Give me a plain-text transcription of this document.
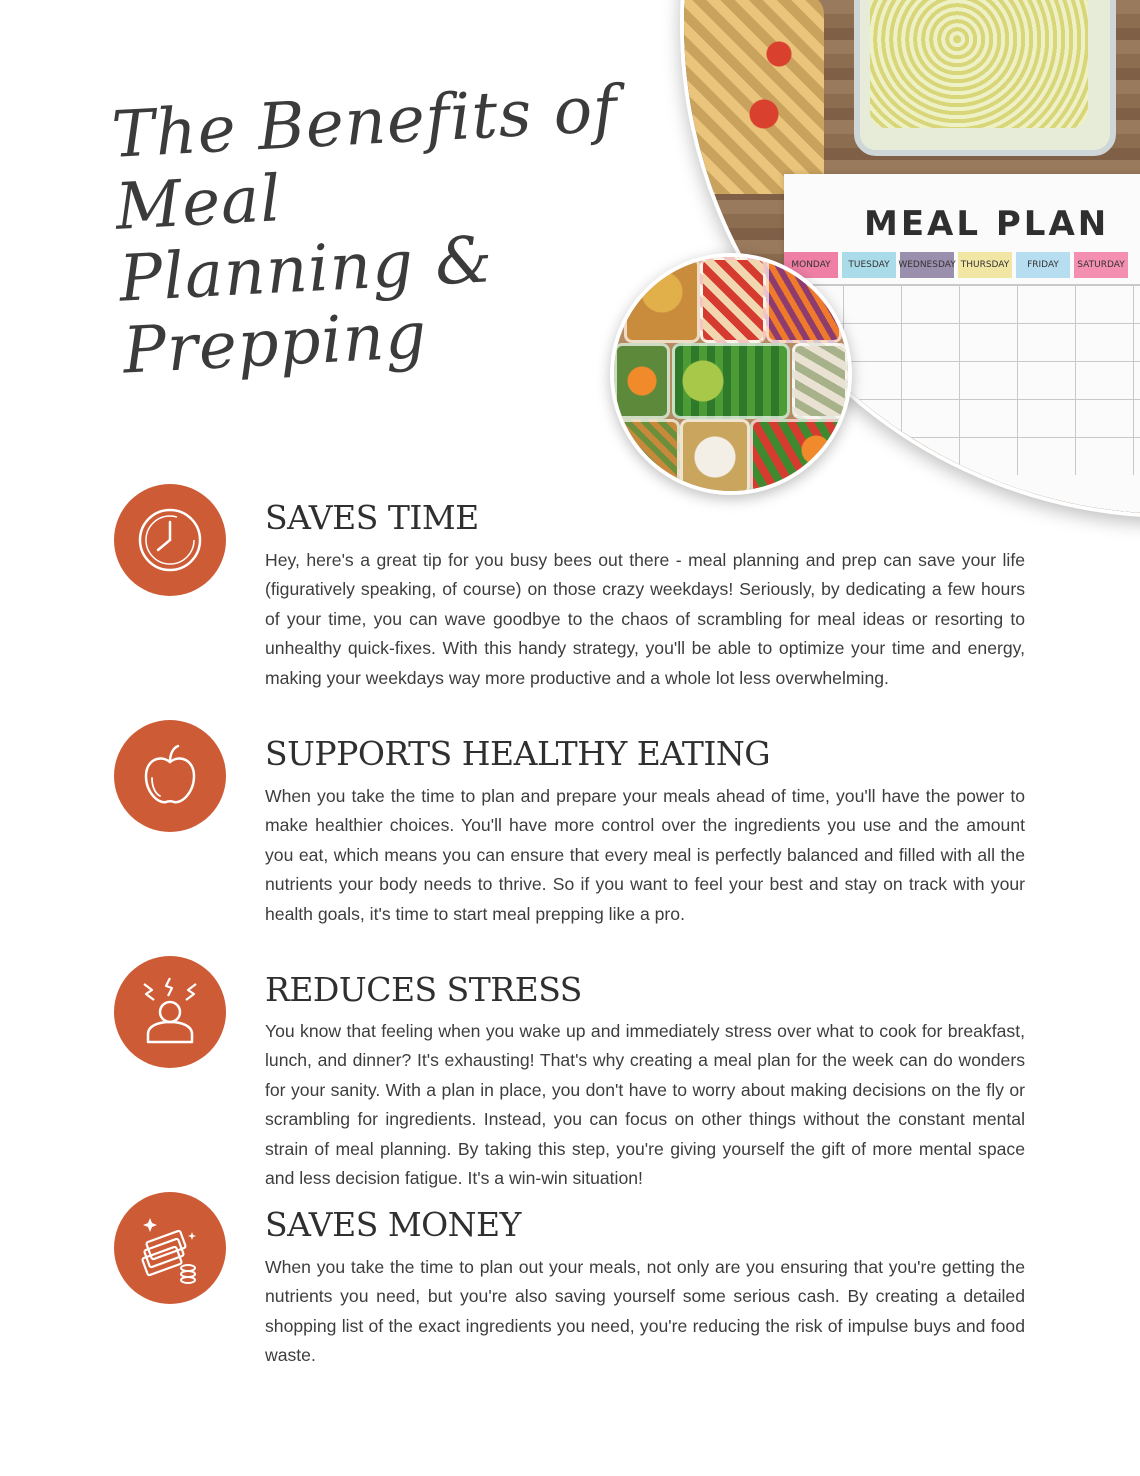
The Benefits of Meal
Planning & Prepping
MEAL PLAN
TUESDAY WEDNESDAY THURSDAY	FRIDAY	SATURDAY
SAVES TIME
Hey, here's a great tip for you busy bees out there - meal planning and prep can save your life (figuratively speaking, of course) on those crazy weekdays! Seriously, by dedicating a few hours of your time, you can wave goodbye to the chaos of scrambling for meal ideas or resorting to unhealthy quick-fixes. With this handy strategy, you'll be able to optimize your time and energy, making your weekdays way more productive and a whole lot less overwhelming.
SUPPORTS HEALTHY EATING
When you take the time to plan and prepare your meals ahead of time, you'll have the power to make healthier choices. You'll have more control over the ingredients you use and the amount you eat, which means you can ensure that every meal is perfectly balanced and filled with all the nutrients your body needs to thrive. So if you want to feel your best and stay on track with your health goals, it's time to start meal prepping like a pro.
REDUCES STRESS
You know that feeling when you wake up and immediately stress over what to cook for breakfast, lunch, and dinner? It's exhausting! That's why creating a meal plan for the week can do wonders for your sanity. With a plan in place, you don't have to worry about making decisions on the fly or scrambling for ingredients. Instead, you can focus on other things without the constant mental strain of meal planning. By taking this step, you're giving yourself the gift of more mental space and less decision fatigue. It's a win-win situation!
SAVES MONEY
When you take the time to plan out your meals, not only are you ensuring that you're getting the nutrients you need, but you're also saving yourself some serious cash. By creating a detailed shopping list of the exact ingredients you need, you're reducing the risk of impulse buys and food waste.
